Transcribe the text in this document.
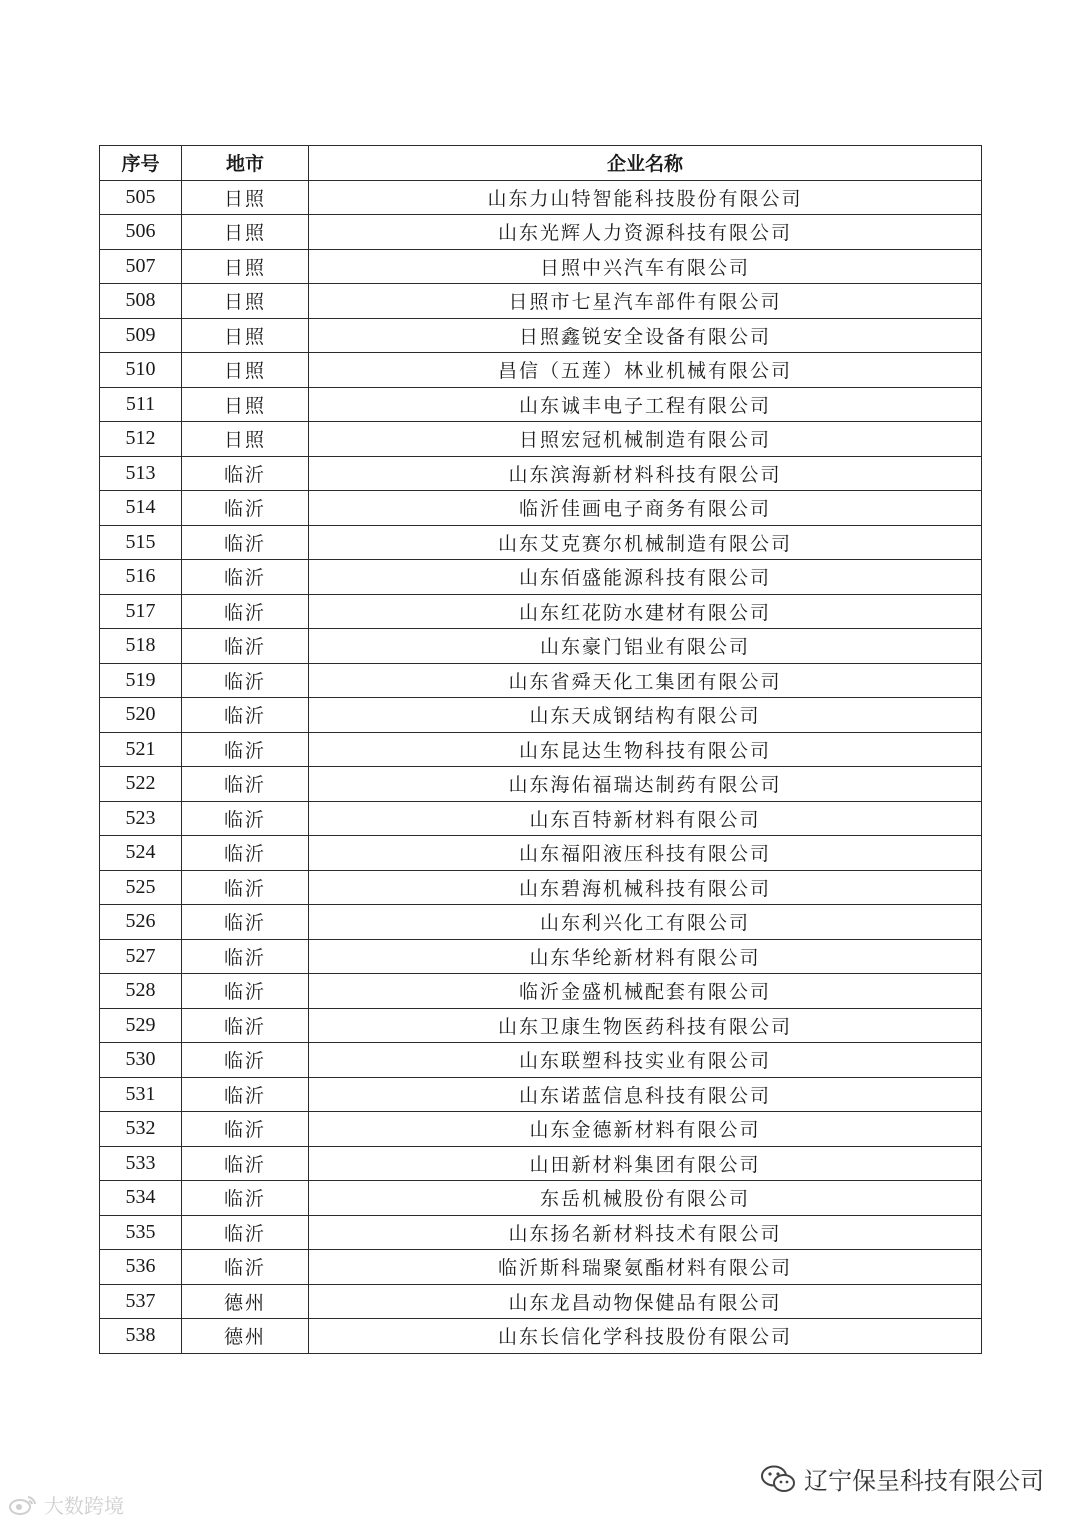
序号	地市	企业名称
505	日照	山东力山特智能科技股份有限公司
506	日照	山东光辉人力资源科技有限公司
507	日照	日照中兴汽车有限公司
508	日照	日照市七星汽车部件有限公司
509	日照	日照鑫锐安全设备有限公司
510	日照	昌信（五莲）林业机械有限公司
511	日照	山东诚丰电子工程有限公司
512	日照	日照宏冠机械制造有限公司
513	临沂	山东滨海新材料科技有限公司
514	临沂	临沂佳画电子商务有限公司
515	临沂	山东艾克赛尔机械制造有限公司
516	临沂	山东佰盛能源科技有限公司
517	临沂	山东红花防水建材有限公司
518	临沂	山东豪门铝业有限公司
519	临沂	山东省舜天化工集团有限公司
520	临沂	山东天成钢结构有限公司
521	临沂	山东昆达生物科技有限公司
522	临沂	山东海佑福瑞达制药有限公司
523	临沂	山东百特新材料有限公司
524	临沂	山东福阳液压科技有限公司
525	临沂	山东碧海机械科技有限公司
526	临沂	山东利兴化工有限公司
527	临沂	山东华纶新材料有限公司
528	临沂	临沂金盛机械配套有限公司
529	临沂	山东卫康生物医药科技有限公司
530	临沂	山东联塑科技实业有限公司
531	临沂	山东诺蓝信息科技有限公司
532	临沂	山东金德新材料有限公司
533	临沂	山田新材料集团有限公司
534	临沂	东岳机械股份有限公司
535	临沂	山东扬名新材料技术有限公司
536	临沂	临沂斯科瑞聚氨酯材料有限公司
537	德州	山东龙昌动物保健品有限公司
538	德州	山东长信化学科技股份有限公司
大数跨境
辽宁保呈科技有限公司
